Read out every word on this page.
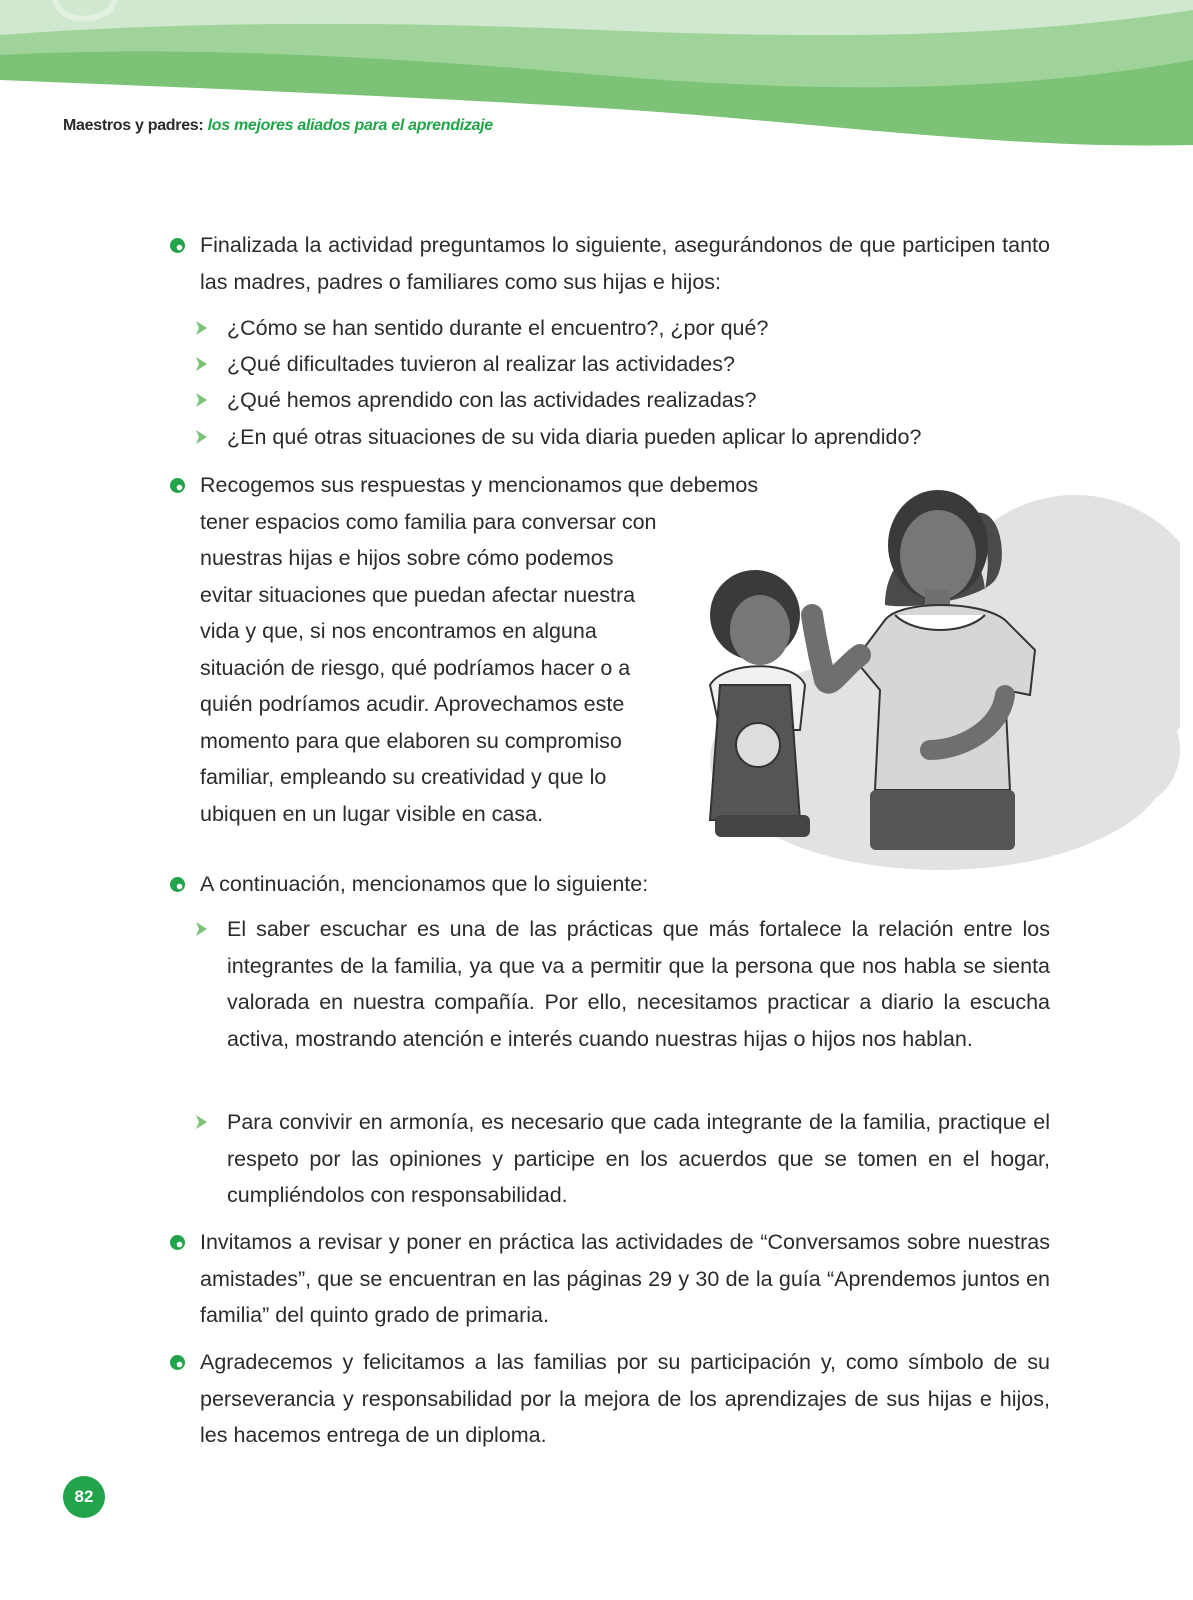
Maestros y padres: los mejores aliados para el aprendizaje
Finalizada la actividad preguntamos lo siguiente, asegurándonos de que participen tanto las madres, padres o familiares como sus hijas e hijos:
¿Cómo se han sentido durante el encuentro?, ¿por qué?
¿Qué dificultades tuvieron al realizar las actividades?
¿Qué hemos aprendido con las actividades realizadas?
¿En qué otras situaciones de su vida diaria pueden aplicar lo aprendido?
Recogemos sus respuestas y mencionamos que debemos
tener espacios como familia para conversar con
nuestras hijas e hijos sobre cómo podemos
evitar situaciones que puedan afectar nuestra
vida y que, si nos encontramos en alguna
situación de riesgo, qué podríamos hacer o a
quién podríamos acudir. Aprovechamos este
momento para que elaboren su compromiso
familiar, empleando su creatividad y que lo
ubiquen en un lugar visible en casa.
A continuación, mencionamos que lo siguiente:
El saber escuchar es una de las prácticas que más fortalece la relación entre los integrantes de la familia, ya que va a permitir que la persona que nos habla se sienta valorada en nuestra compañía. Por ello, necesitamos practicar a diario la escucha activa, mostrando atención e interés cuando nuestras hijas o hijos nos hablan.
Para convivir en armonía, es necesario que cada integrante de la familia, practique el respeto por las opiniones y participe en los acuerdos que se tomen en el hogar, cumpliéndolos con responsabilidad.
Invitamos a revisar y poner en práctica las actividades de “Conversamos sobre nuestras amistades”, que se encuentran en las páginas 29 y 30 de la guía “Aprendemos juntos en familia” del quinto grado de primaria.
Agradecemos y felicitamos a las familias por su participación y, como símbolo de su perseverancia y responsabilidad por la mejora de los aprendizajes de sus hijas e hijos, les hacemos entrega de un diploma.
82
